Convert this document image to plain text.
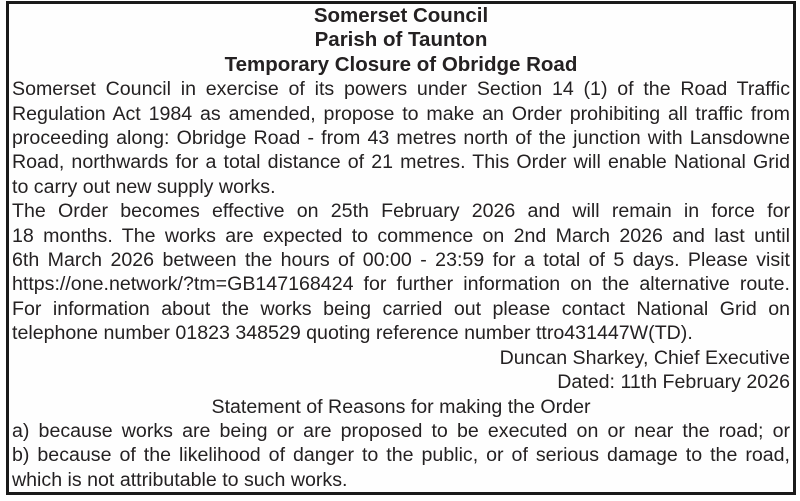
Somerset Council
Parish of Taunton
Temporary Closure of Obridge Road
Somerset Council in exercise of its powers under Section 14 (1) of the Road Traffic
Regulation Act 1984 as amended, propose to make an Order prohibiting all traffic from
proceeding along: Obridge Road - from 43 metres north of the junction with Lansdowne
Road, northwards for a total distance of 21 metres. This Order will enable National Grid
to carry out new supply works.
The Order becomes effective on 25th February 2026 and will remain in force for
18 months. The works are expected to commence on 2nd March 2026 and last until
6th March 2026 between the hours of 00:00 - 23:59 for a total of 5 days. Please visit
https://one.network/?tm=GB147168424 for further information on the alternative route.
For information about the works being carried out please contact National Grid on
telephone number 01823 348529 quoting reference number ttro431447W(TD).
Duncan Sharkey, Chief Executive
Dated: 11th February 2026
Statement of Reasons for making the Order
a) because works are being or are proposed to be executed on or near the road; or
b) because of the likelihood of danger to the public, or of serious damage to the road,
which is not attributable to such works.
